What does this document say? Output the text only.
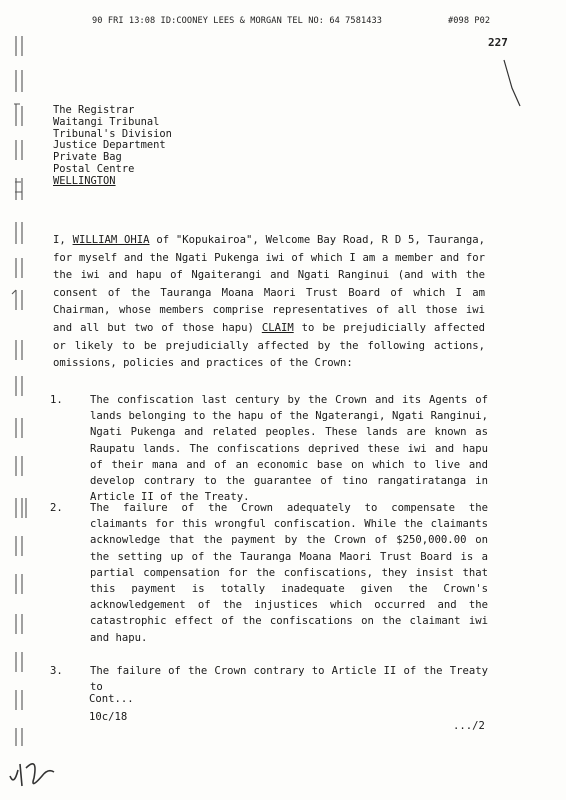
90 FRI 13:08 ID:COONEY LEES & MORGAN TEL NO: 64 7581433	#098 P02
227
The Registrar
Waitangi Tribunal
Tribunal's Division
Justice Department
Private Bag
Postal Centre
WELLINGTON
I, WILLIAM OHIA of "Kopukairoa", Welcome Bay Road, R D 5, Tauranga, for myself and the Ngati Pukenga iwi of which I am a member and for the iwi and hapu of Ngaiterangi and Ngati Ranginui (and with the consent of the Tauranga Moana Maori Trust Board of which I am Chairman, whose members comprise representatives of all those iwi and all but two of those hapu) CLAIM to be prejudicially affected or likely to be prejudicially affected by the following actions, omissions, policies and practices of the Crown:
1.	The confiscation last century by the Crown and its Agents of lands belonging to the hapu of the Ngaterangi, Ngati Ranginui, Ngati Pukenga and related peoples. These lands are known as Raupatu lands. The confiscations deprived these iwi and hapu of their mana and of an economic base on which to live and develop contrary to the guarantee of tino rangatiratanga in Article II of the Treaty.
2.	The failure of the Crown adequately to compensate the claimants for this wrongful confiscation. While the claimants acknowledge that the payment by the Crown of $250,000.00 on the setting up of the Tauranga Moana Maori Trust Board is a partial compensation for the confiscations, they insist that this payment is totally inadequate given the Crown's acknowledgement of the injustices which occurred and the catastrophic effect of the confiscations on the claimant iwi and hapu.
3.	The failure of the Crown contrary to Article II of the Treaty to
Cont...
10c/18
.../2
